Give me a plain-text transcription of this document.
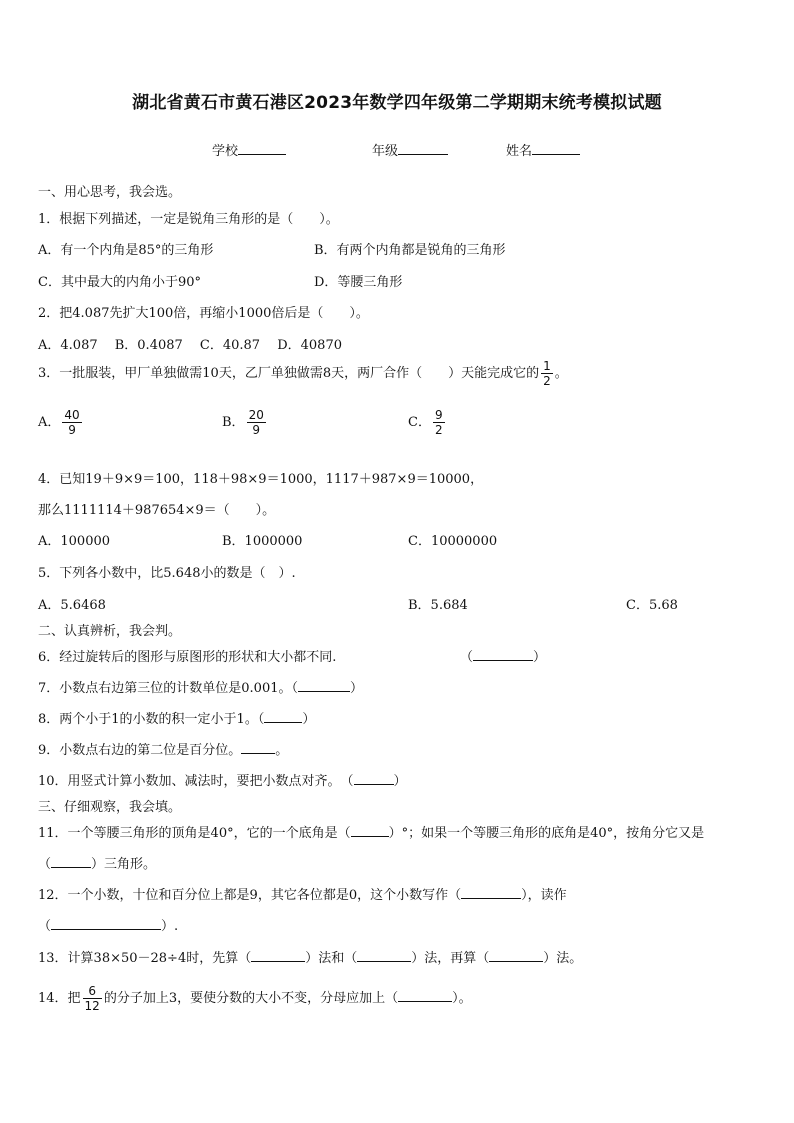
湖北省黄石市黄石港区2023年数学四年级第二学期期末统考模拟试题
学校	年级	姓名
一、用心思考，我会选。
1．根据下列描述，一定是锐角三角形的是（　　）。
A．有一个内角是85°的三角形	B．有两个内角都是锐角的三角形
C．其中最大的内角小于90°	D．等腰三角形
2．把4.087先扩大100倍，再缩小1000倍后是（　　）。
A．4.087　 B．0.4087　 C．40.87　 D．40870
3．一批服装，甲厂单独做需10天，乙厂单独做需8天，两厂合作（　　）天能完成它的 $\frac{1}{2}$ 。
A． $\frac{40}{9}$	B． $\frac{20}{9}$	C． $\frac{9}{2}$
4．已知19＋9×9＝100，118＋98×9＝1000，1117＋987×9＝10000，
那么1111114＋987654×9＝（　　）。
A．100000	B．1000000	C．10000000
5．下列各小数中，比5.648小的数是（　）.
A．5.6468	B．5.684	C．5.68
二、认真辨析，我会判。
6．经过旋转后的图形与原图形的形状和大小都不同.	（	）
7．小数点右边第三位的计数单位是0.001。（	）
8．两个小于1的小数的积一定小于1。（	）
9．小数点右边的第二位是百分位。	。
10．用竖式计算小数加、减法时，要把小数点对齐。　（	）
三、仔细观察，我会填。
11．一个等腰三角形的顶角是40°，它的一个底角是（	）°；如果一个等腰三角形的底角是40°，按角分它又是
（	）三角形。
12．一个小数，十位和百分位上都是9，其它各位都是0，这个小数写作（	），读作
（	）.
13．计算38×50－28÷4时，先算（	）法和（	）法，再算（	）法。
14．把 $\frac{6}{12}$ 的分子加上3，要使分数的大小不变，分母应加上（	）。
